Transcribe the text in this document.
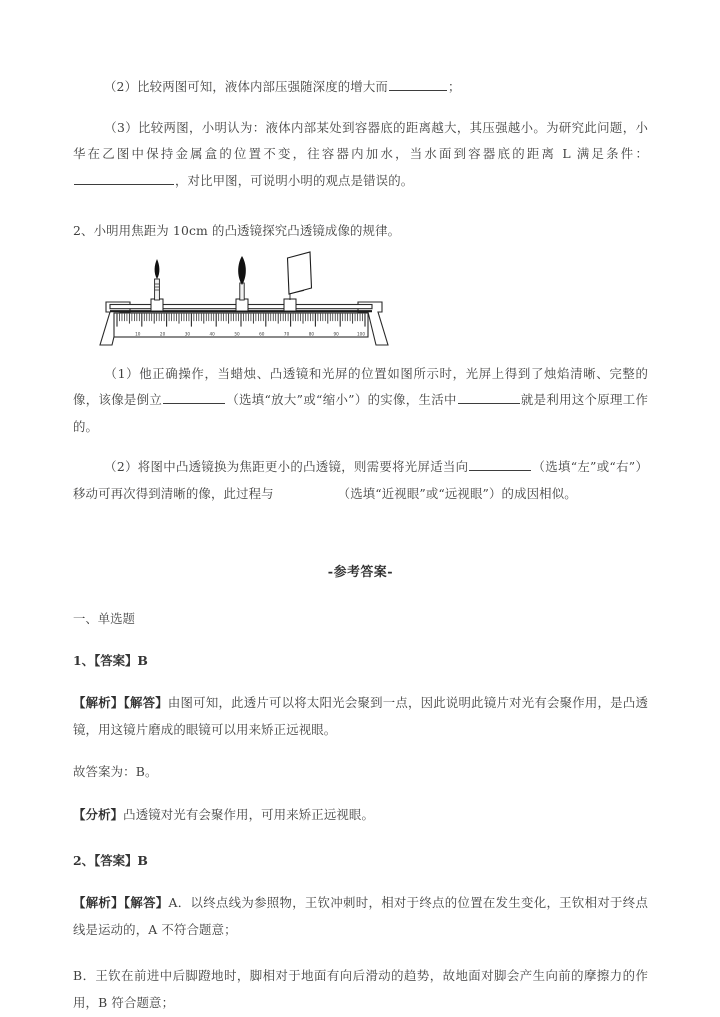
（2）比较两图可知，液体内部压强随深度的增大而	；

（3）比较两图，小明认为：液体内部某处到容器底的距离越大，其压强越小。为研究此问题，小华在乙图中保持金属盒的位置不变，往容器内加水，当水面到容器底的距离 L 满足条件：，对比甲图，可说明小明的观点是错误的。

2、小明用焦距为 10cm 的凸透镜探究凸透镜成像的规律。

10	20	30	40	50	60	70	80	90	100

（1）他正确操作，当蜡烛、凸透镜和光屏的位置如图所示时，光屏上得到了烛焰清晰、完整的像，该像是倒立	（选填“放大”或“缩小”）的实像，生活中	就是利用这个原理工作的。

（2）将图中凸透镜换为焦距更小的凸透镜，则需要将光屏适当向	（选填“左”或“右”）移动可再次得到清晰的像，此过程与	（选填“近视眼”或“远视眼”）的成因相似。

-参考答案-
一、单选题
1、【答案】B

【解析】【解答】由图可知，此透片可以将太阳光会聚到一点，因此说明此镜片对光有会聚作用，是凸透镜，用这镜片磨成的眼镜可以用来矫正远视眼。

故答案为：B。

【分析】凸透镜对光有会聚作用，可用来矫正远视眼。

2、【答案】B

【解析】【解答】A．以终点线为参照物，王钦冲刺时，相对于终点的位置在发生变化，王钦相对于终点线是运动的，A 不符合题意；

B．王钦在前进中后脚蹬地时，脚相对于地面有向后滑动的趋势，故地面对脚会产生向前的摩擦力的作用，B 符合题意；
